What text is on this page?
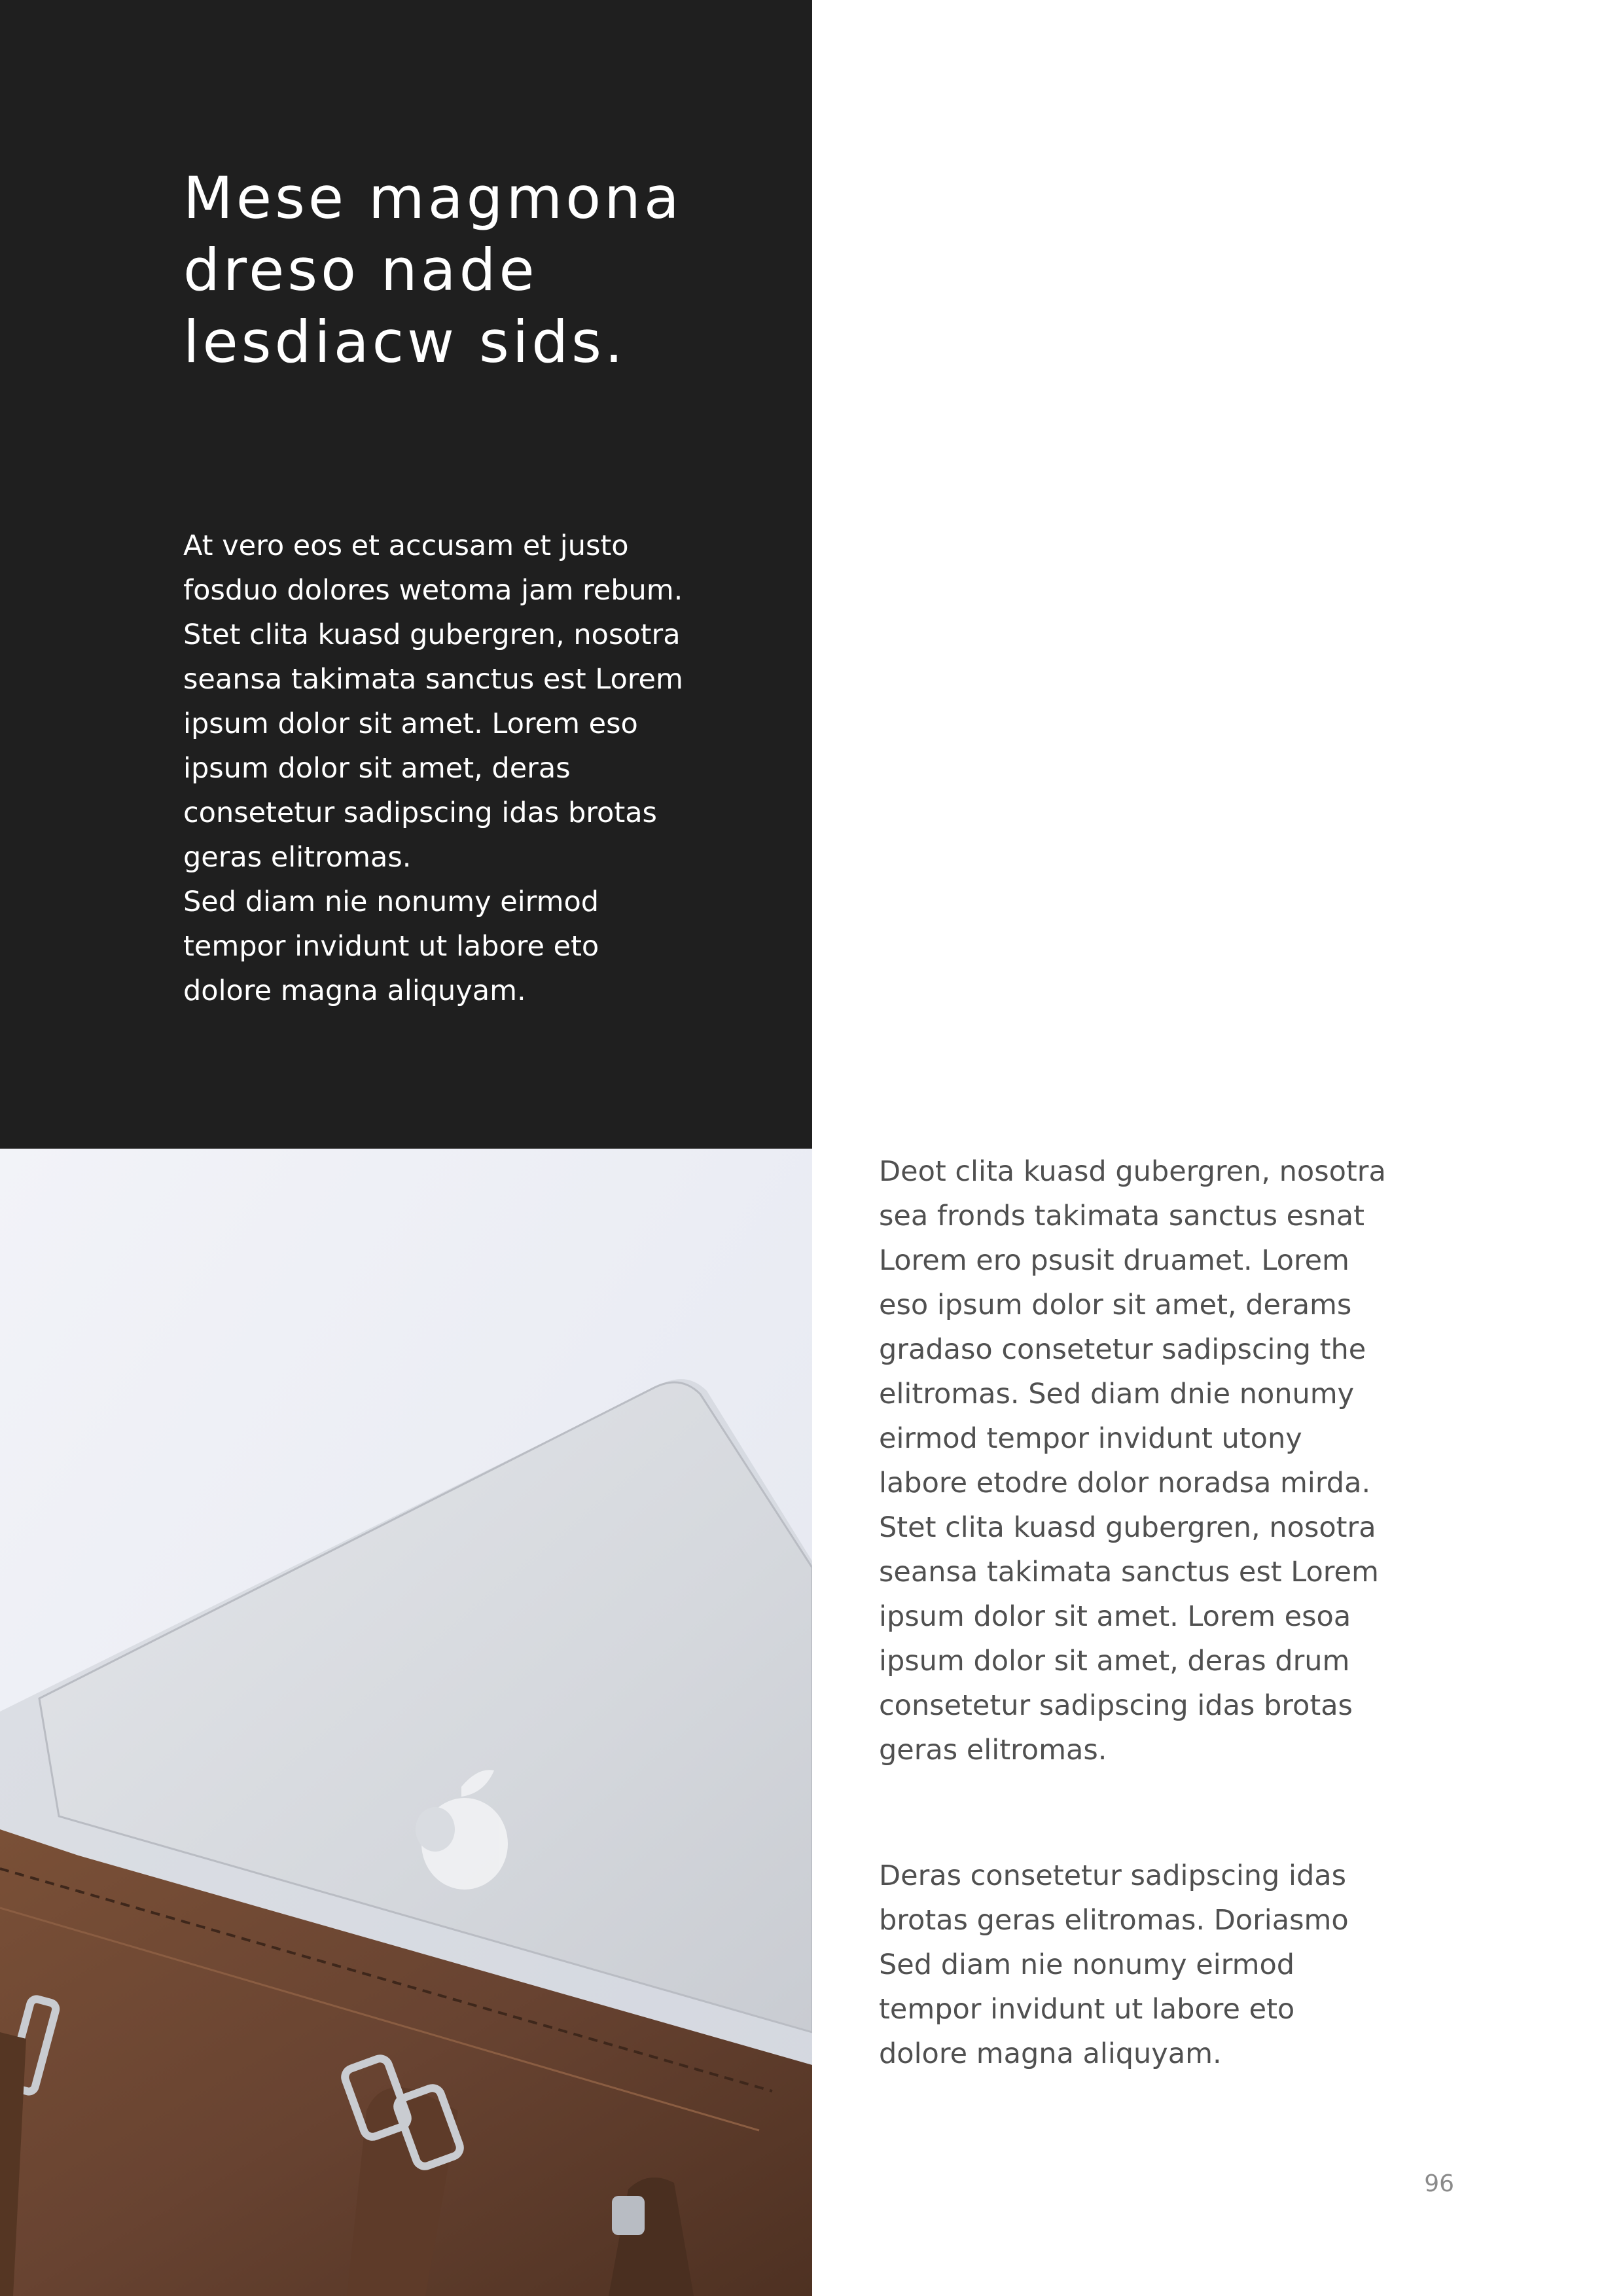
Mese magmona
dreso nade
lesdiacw sids.

At vero eos et accusam et justo
fosduo dolores wetoma jam rebum.
Stet clita kuasd gubergren, nosotra
seansa takimata sanctus est Lorem
ipsum dolor sit amet. Lorem eso
ipsum dolor sit amet, deras
consetetur sadipscing idas brotas
geras elitromas.
Sed diam nie nonumy eirmod
tempor invidunt ut labore eto
dolore magna aliquyam.

Deot clita kuasd gubergren, nosotra
sea fronds takimata sanctus esnat
Lorem ero psusit druamet. Lorem
eso ipsum dolor sit amet, derams
gradaso consetetur sadipscing the
elitromas. Sed diam dnie nonumy
eirmod tempor invidunt utony
labore etodre dolor noradsa mirda.
Stet clita kuasd gubergren, nosotra
seansa takimata sanctus est Lorem
ipsum dolor sit amet. Lorem esoa
ipsum dolor sit amet, deras drum
consetetur sadipscing idas brotas
geras elitromas.

Deras consetetur sadipscing idas
brotas geras elitromas. Doriasmo
Sed diam nie nonumy eirmod
tempor invidunt ut labore eto
dolore magna aliquyam.

96
